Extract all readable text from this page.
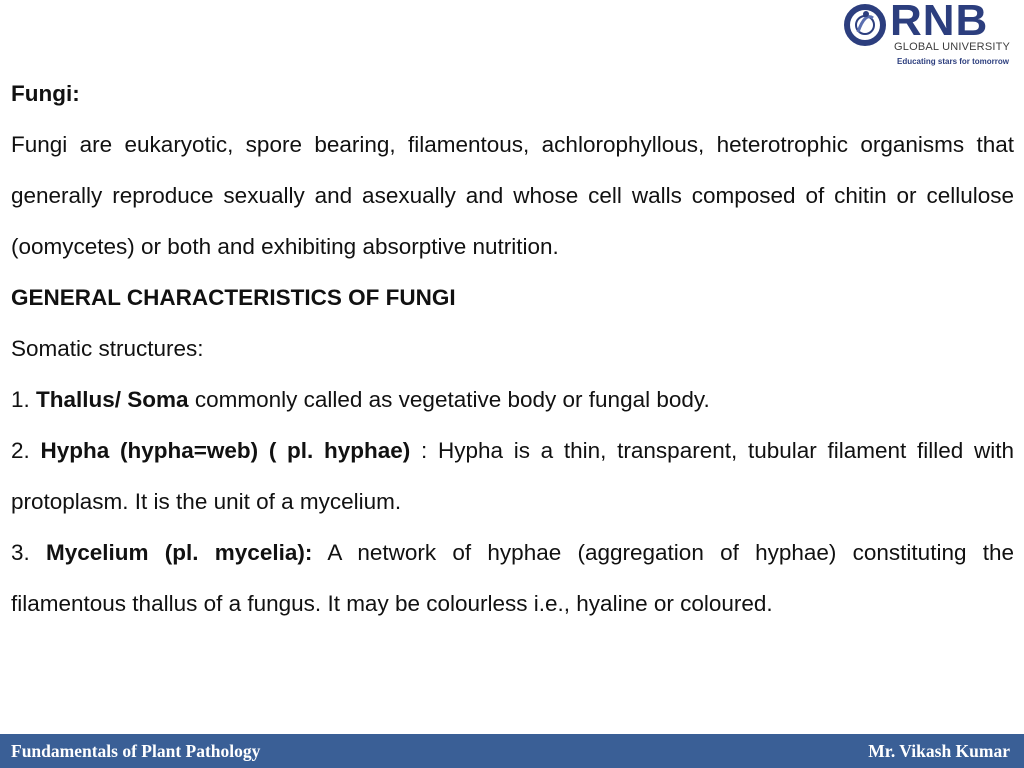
RNB
GLOBAL UNIVERSITY
Educating stars for tomorrow

Fungi:

Fungi are eukaryotic, spore bearing, filamentous, achlorophyllous, heterotrophic organisms that generally reproduce sexually and asexually and whose cell walls composed of chitin or cellulose (oomycetes) or both and exhibiting absorptive nutrition.

GENERAL CHARACTERISTICS OF FUNGI

Somatic structures:

1. Thallus/ Soma commonly called as vegetative body or fungal body.

2. Hypha (hypha=web) ( pl. hyphae) : Hypha is a thin, transparent, tubular filament filled with protoplasm. It is the unit of a mycelium.

3. Mycelium (pl. mycelia): A network of hyphae (aggregation of hyphae) constituting the filamentous thallus of a fungus. It may be colourless i.e., hyaline or coloured.

Fundamentals of Plant Pathology	Mr. Vikash Kumar
